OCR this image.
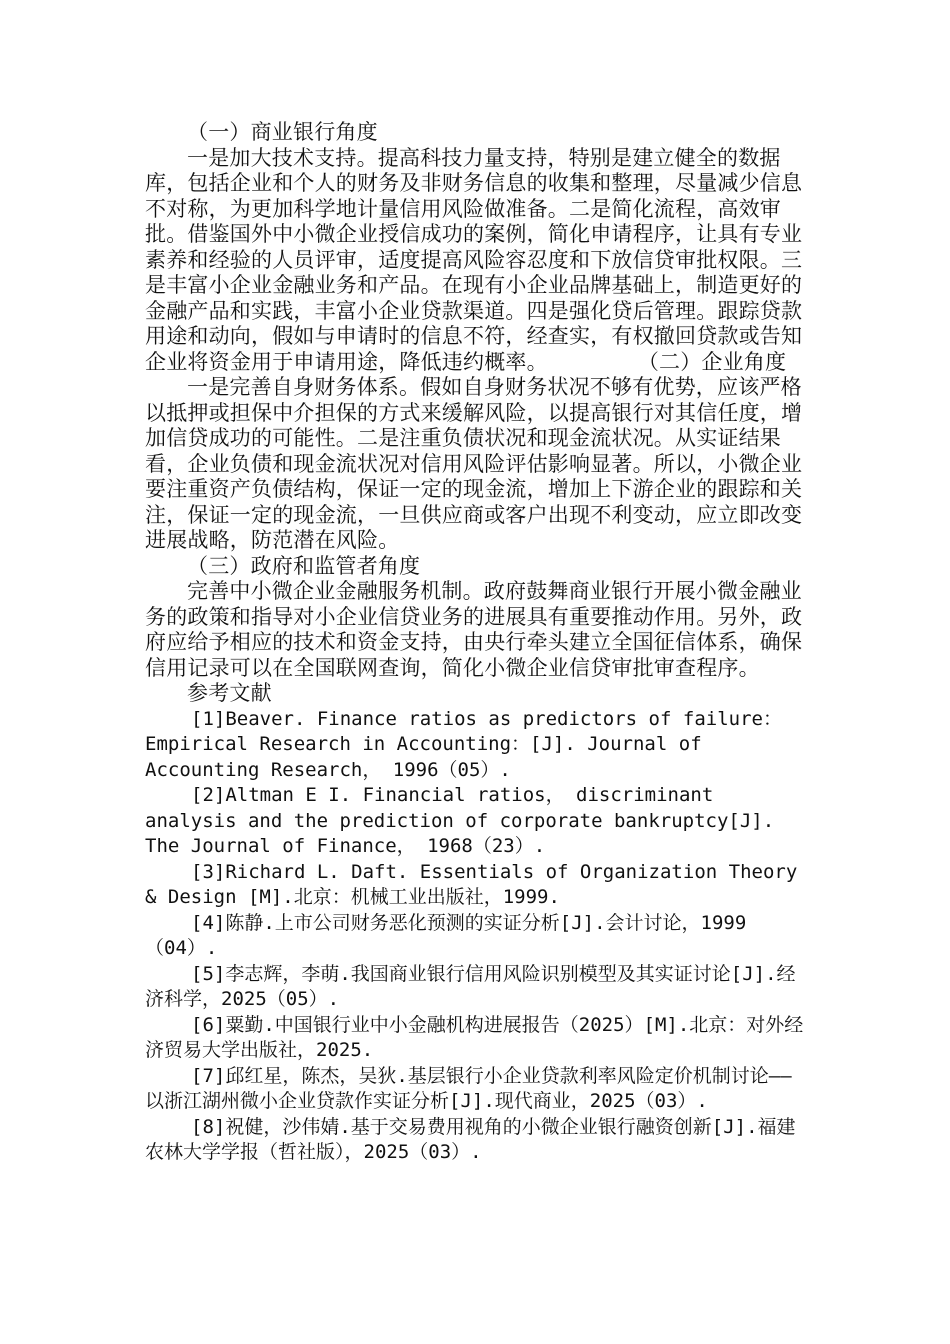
（一）商业银行角度

一是加大技术支持。提高科技力量支持，特别是建立健全的数据库，包括企业和个人的财务及非财务信息的收集和整理，尽量减少信息不对称，为更加科学地计量信用风险做准备。二是简化流程，高效审批。借鉴国外中小微企业授信成功的案例，简化申请程序，让具有专业素养和经验的人员评审，适度提高风险容忍度和下放信贷审批权限。三是丰富小企业金融业务和产品。在现有小企业品牌基础上，制造更好的金融产品和实践，丰富小企业贷款渠道。四是强化贷后管理。跟踪贷款用途和动向，假如与申请时的信息不符，经查实，有权撤回贷款或告知企业将资金用于申请用途，降低违约概率。	（二）企业角度

一是完善自身财务体系。假如自身财务状况不够有优势，应该严格以抵押或担保中介担保的方式来缓解风险，以提高银行对其信任度，增加信贷成功的可能性。二是注重负债状况和现金流状况。从实证结果看，企业负债和现金流状况对信用风险评估影响显著。所以，小微企业要注重资产负债结构，保证一定的现金流，增加上下游企业的跟踪和关注，保证一定的现金流，一旦供应商或客户出现不利变动，应立即改变进展战略，防范潜在风险。

（三）政府和监管者角度

完善中小微企业金融服务机制。政府鼓舞商业银行开展小微金融业务的政策和指导对小企业信贷业务的进展具有重要推动作用。另外，政府应给予相应的技术和资金支持，由央行牵头建立全国征信体系，确保信用记录可以在全国联网查询，简化小微企业信贷审批审查程序。

参考文献

[1]Beaver. Finance ratios as predictors of failure：Empirical Research in Accounting：[J]. Journal of Accounting Research， 1996（05）.

[2]Altman E I. Financial ratios， discriminant analysis and the prediction of corporate bankruptcy[J]. The Journal of Finance， 1968（23）.

[3]Richard L. Daft. Essentials of Organization Theory & Design [M].北京：机械工业出版社，1999.

[4]陈静.上市公司财务恶化预测的实证分析[J].会计讨论，1999（04）.

[5]李志辉，李萌.我国商业银行信用风险识别模型及其实证讨论[J].经济科学，2025（05）.

[6]粟勤.中国银行业中小金融机构进展报告（2025）[M].北京：对外经济贸易大学出版社，2025.

[7]邱红星，陈杰，吴狄.基层银行小企业贷款利率风险定价机制讨论——以浙江湖州微小企业贷款作实证分析[J].现代商业，2025（03）.

[8]祝健，沙伟婧.基于交易费用视角的小微企业银行融资创新[J].福建农林大学学报（哲社版），2025（03）.
